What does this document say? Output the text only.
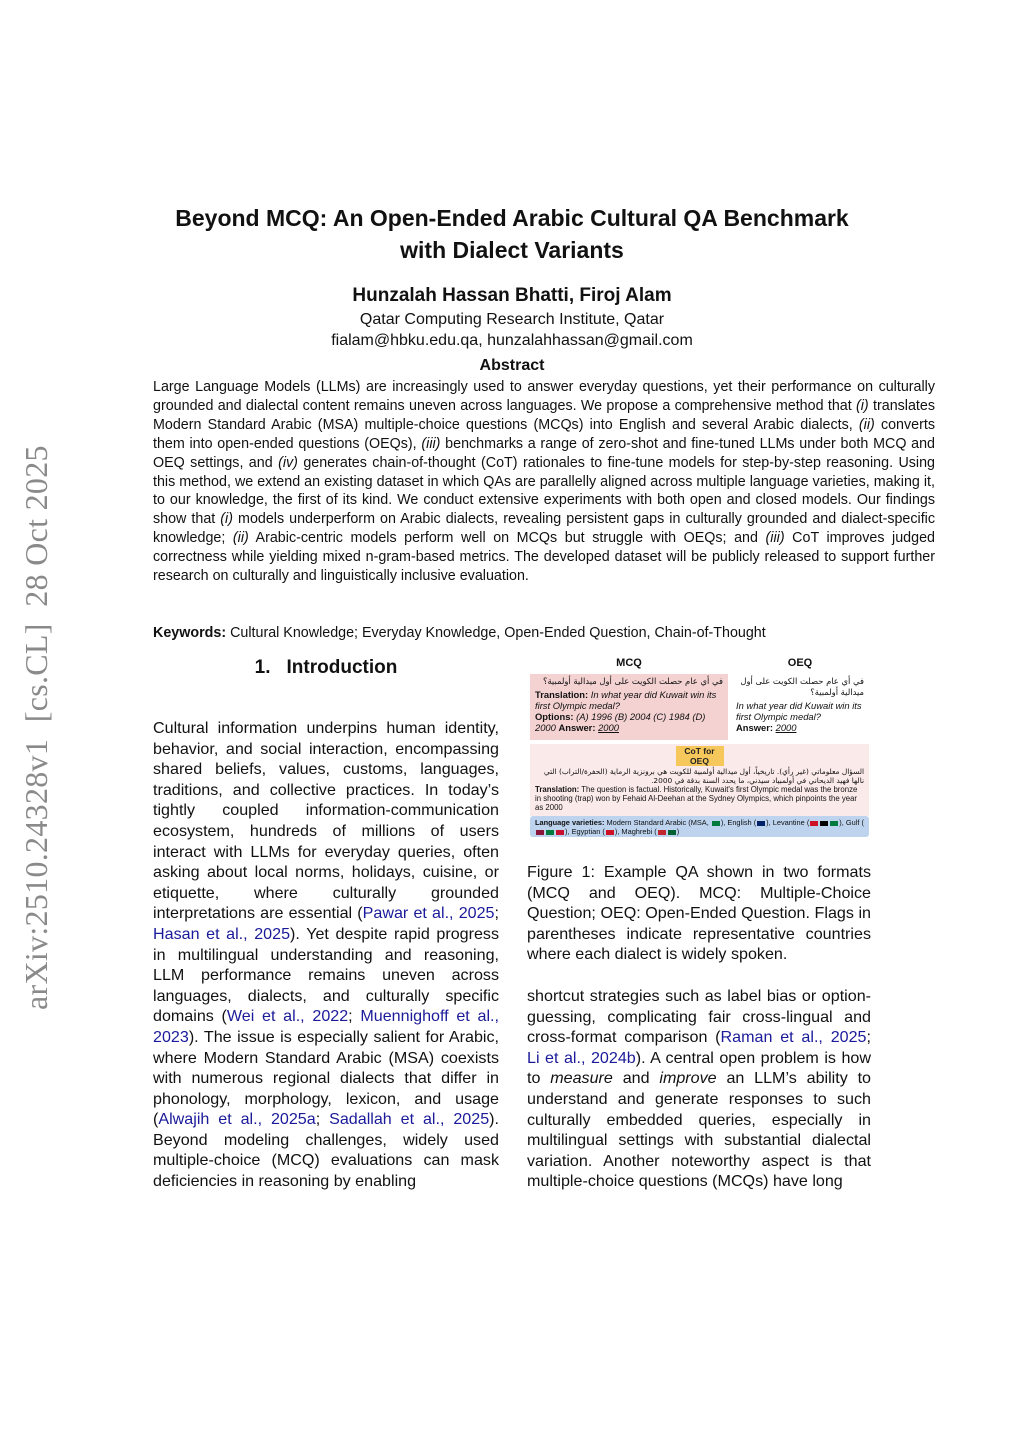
arXiv:2510.24328v1  [cs.CL]  28 Oct 2025
Beyond MCQ: An Open-Ended Arabic Cultural QA Benchmark
with Dialect Variants
Hunzalah Hassan Bhatti, Firoj Alam
Qatar Computing Research Institute, Qatar
fialam@hbku.edu.qa, hunzalahhassan@gmail.com
Abstract

Large Language Models (LLMs) are increasingly used to answer everyday questions, yet their performance on culturally grounded and dialectal content remains uneven across languages. We propose a comprehensive method that (i) translates Modern Standard Arabic (MSA) multiple-choice questions (MCQs) into English and several Arabic dialects, (ii) converts them into open-ended questions (OEQs), (iii) benchmarks a range of zero-shot and fine-tuned LLMs under both MCQ and OEQ settings, and (iv) generates chain-of-thought (CoT) rationales to fine-tune models for step-by-step reasoning. Using this method, we extend an existing dataset in which QAs are parallelly aligned across multiple language varieties, making it, to our knowledge, the first of its kind. We conduct extensive experiments with both open and closed models. Our findings show that (i) models underperform on Arabic dialects, revealing persistent gaps in culturally grounded and dialect-specific knowledge; (ii) Arabic-centric models perform well on MCQs but struggle with OEQs; and (iii) CoT improves judged correctness while yielding mixed n-gram-based metrics. The developed dataset will be publicly released to support further research on culturally and linguistically inclusive evaluation.

Keywords: Cultural Knowledge; Everyday Knowledge, Open-Ended Question, Chain-of-Thought
1. Introduction

Cultural information underpins human identity, behavior, and social interaction, encompassing shared beliefs, values, customs, languages, traditions, and collective practices. In today’s tightly coupled information-communication ecosystem, hundreds of millions of users interact with LLMs for everyday queries, often asking about local norms, holidays, cuisine, or etiquette, where culturally grounded interpretations are essential (Pawar et al., 2025; Hasan et al., 2025). Yet despite rapid progress in multilingual understanding and reasoning, LLM performance remains uneven across languages, dialects, and culturally specific domains (Wei et al., 2022; Muennighoff et al., 2023). The issue is especially salient for Arabic, where Modern Standard Arabic (MSA) coexists with numerous regional dialects that differ in phonology, morphology, lexicon, and usage (Alwajih et al., 2025a; Sadallah et al., 2025). Beyond modeling challenges, widely used multiple-choice (MCQ) evaluations can mask deficiencies in reasoning by enabling

MCQ	OEQ
في أي عام حصلت الكويت على أول ميدالية أولمبية؟
Translation: In what year did Kuwait win its first Olympic medal?
Options: (A) 1996 (B) 2004 (C) 1984 (D) 2000 Answer: 2000
في أي عام حصلت الكويت على أول ميدالية أولمبية؟
In what year did Kuwait win its first Olympic medal?
Answer: 2000
CoT for OEQ
السؤال معلوماتي (غير رأي). تاريخياً، أول ميدالية أولمبية للكويت هي برونزية الرماية (الحفرة/التراب) التي نالها فهيد الديحاني في أولمبياد سيدني، ما يحدد السنة بدقة في 2000.
Translation: The question is factual. Historically, Kuwait's first Olympic medal was the bronze in shooting (trap) won by Fehaid Al-Deehan at the Sydney Olympics, which pinpoints the year as 2000
Language varieties: Modern Standard Arabic (MSA, ), English ( ), Levantine (	), Gulf (), Egyptian ( ), Maghrebi (	)

Figure 1: Example QA shown in two formats (MCQ and OEQ). MCQ: Multiple-Choice Question; OEQ: Open-Ended Question. Flags in parentheses indicate representative countries where each dialect is widely spoken.

shortcut strategies such as label bias or option-guessing, complicating fair cross-lingual and cross-format comparison (Raman et al., 2025; Li et al., 2024b). A central open problem is how to measure and improve an LLM’s ability to understand and generate responses to such culturally embedded queries, especially in multilingual settings with substantial dialectal variation. Another noteworthy aspect is that multiple-choice questions (MCQs) have long
